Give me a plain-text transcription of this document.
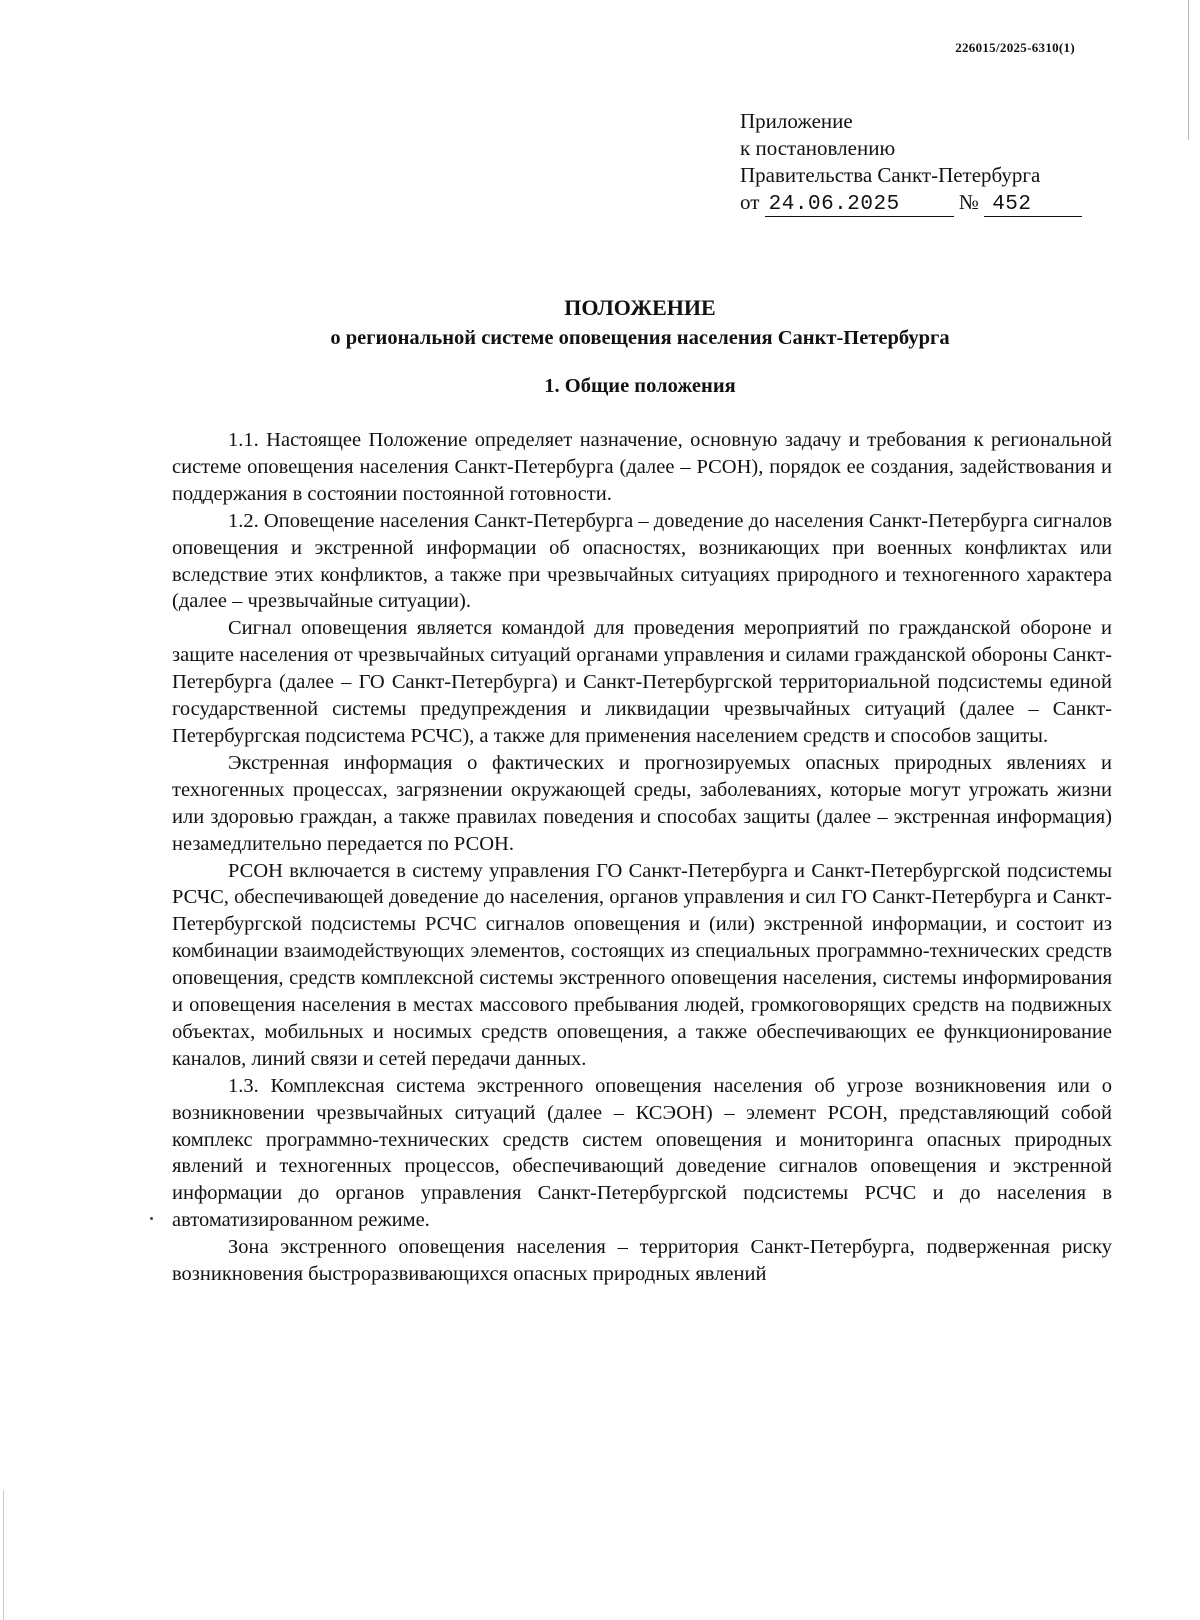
226015/2025-6310(1)
Приложение
к постановлению
Правительства Санкт-Петербурга
от 24.06.2025	№ 452
ПОЛОЖЕНИЕ
о региональной системе оповещения населения Санкт-Петербурга
1. Общие положения

1.1. Настоящее Положение определяет назначение, основную задачу и требования к региональной системе оповещения населения Санкт-Петербурга (далее – РСОН), порядок ее создания, задействования и поддержания в состоянии постоянной готовности.

1.2. Оповещение населения Санкт-Петербурга – доведение до населения Санкт-Петербурга сигналов оповещения и экстренной информации об опасностях, возникающих при военных конфликтах или вследствие этих конфликтов, а также при чрезвычайных ситуациях природного и техногенного характера (далее – чрезвычайные ситуации).

Сигнал оповещения является командой для проведения мероприятий по гражданской обороне и защите населения от чрезвычайных ситуаций органами управления и силами гражданской обороны Санкт-Петербурга (далее – ГО Санкт-Петербурга) и Санкт-Петербургской территориальной подсистемы единой государственной системы предупреждения и ликвидации чрезвычайных ситуаций (далее – Санкт-Петербургская подсистема РСЧС), а также для применения населением средств и способов защиты.

Экстренная информация о фактических и прогнозируемых опасных природных явлениях и техногенных процессах, загрязнении окружающей среды, заболеваниях, которые могут угрожать жизни или здоровью граждан, а также правилах поведения и способах защиты (далее – экстренная информация) незамедлительно передается по РСОН.

РСОН включается в систему управления ГО Санкт-Петербурга и Санкт-Петербургской подсистемы РСЧС, обеспечивающей доведение до населения, органов управления и сил ГО Санкт-Петербурга и Санкт-Петербургской подсистемы РСЧС сигналов оповещения и (или) экстренной информации, и состоит из комбинации взаимодействующих элементов, состоящих из специальных программно-технических средств оповещения, средств комплексной системы экстренного оповещения населения, системы информирования и оповещения населения в местах массового пребывания людей, громкоговорящих средств на подвижных объектах, мобильных и носимых средств оповещения, а также обеспечивающих ее функционирование каналов, линий связи и сетей передачи данных.

1.3. Комплексная система экстренного оповещения населения об угрозе возникновения или о возникновении чрезвычайных ситуаций (далее – КСЭОН) – элемент РСОН, представляющий собой комплекс программно-технических средств систем оповещения и мониторинга опасных природных явлений и техногенных процессов, обеспечивающий доведение сигналов оповещения и экстренной информации до органов управления Санкт-Петербургской подсистемы РСЧС и до населения в автоматизированном режиме.

Зона экстренного оповещения населения – территория Санкт-Петербурга, подверженная риску возникновения быстроразвивающихся опасных природных явлений
